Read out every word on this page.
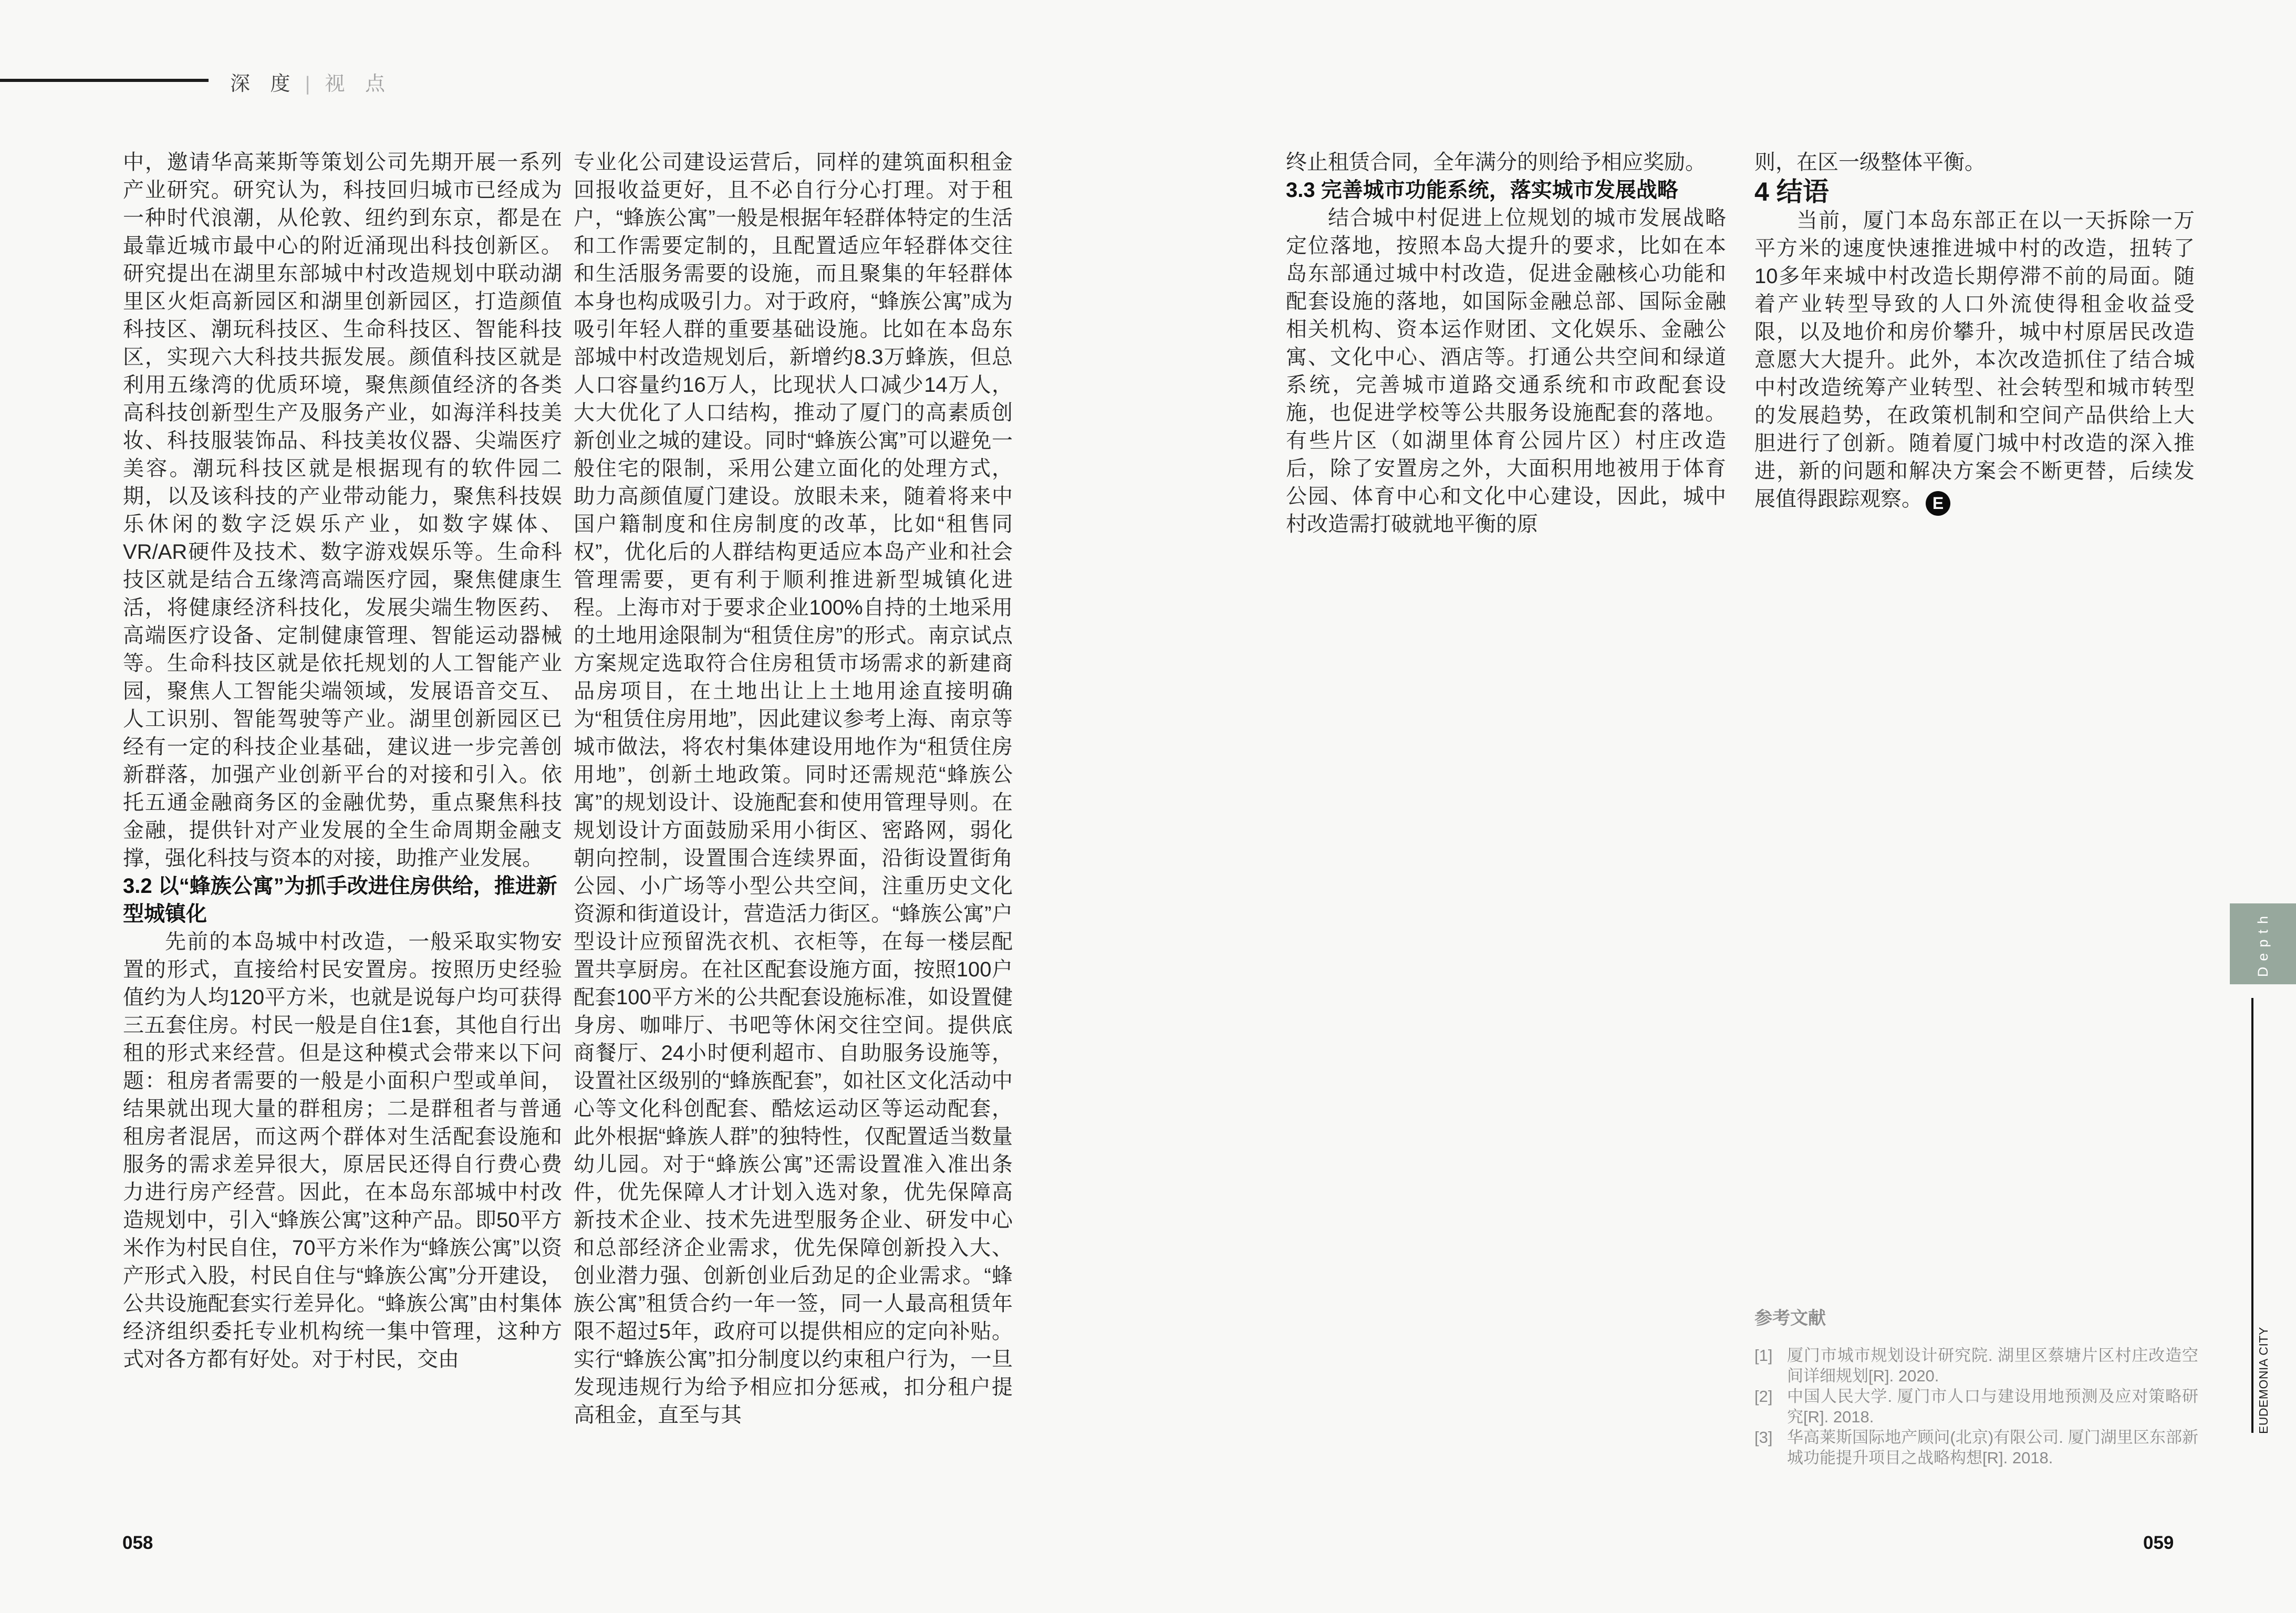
深 度 | 视 点

中，邀请华高莱斯等策划公司先期开展一系列产业研究。研究认为，科技回归城市已经成为一种时代浪潮，从伦敦、纽约到东京，都是在最靠近城市最中心的附近涌现出科技创新区。研究提出在湖里东部城中村改造规划中联动湖里区火炬高新园区和湖里创新园区，打造颜值科技区、潮玩科技区、生命科技区、智能科技区，实现六大科技共振发展。颜值科技区就是利用五缘湾的优质环境，聚焦颜值经济的各类高科技创新型生产及服务产业，如海洋科技美妆、科技服装饰品、科技美妆仪器、尖端医疗美容。潮玩科技区就是根据现有的软件园二期，以及该科技的产业带动能力，聚焦科技娱乐休闲的数字泛娱乐产业，如数字媒体、VR/AR硬件及技术、数字游戏娱乐等。生命科技区就是结合五缘湾高端医疗园，聚焦健康生活，将健康经济科技化，发展尖端生物医药、高端医疗设备、定制健康管理、智能运动器械等。生命科技区就是依托规划的人工智能产业园，聚焦人工智能尖端领域，发展语音交互、人工识别、智能驾驶等产业。湖里创新园区已经有一定的科技企业基础，建议进一步完善创新群落，加强产业创新平台的对接和引入。依托五通金融商务区的金融优势，重点聚焦科技金融，提供针对产业发展的全生命周期金融支撑，强化科技与资本的对接，助推产业发展。

3.2 以“蜂族公寓”为抓手改进住房供给，推进新型城镇化

先前的本岛城中村改造，一般采取实物安置的形式，直接给村民安置房。按照历史经验值约为人均120平方米，也就是说每户均可获得三五套住房。村民一般是自住1套，其他自行出租的形式来经营。但是这种模式会带来以下问题：租房者需要的一般是小面积户型或单间，结果就出现大量的群租房；二是群租者与普通租房者混居，而这两个群体对生活配套设施和服务的需求差异很大，原居民还得自行费心费力进行房产经营。因此，在本岛东部城中村改造规划中，引入“蜂族公寓”这种产品。即50平方米作为村民自住，70平方米作为“蜂族公寓”以资产形式入股，村民自住与“蜂族公寓”分开建设，公共设施配套实行差异化。“蜂族公寓”由村集体经济组织委托专业机构统一集中管理，这种方式对各方都有好处。对于村民，交由

专业化公司建设运营后，同样的建筑面积租金回报收益更好，且不必自行分心打理。对于租户，“蜂族公寓”一般是根据年轻群体特定的生活和工作需要定制的，且配置适应年轻群体交往和生活服务需要的设施，而且聚集的年轻群体本身也构成吸引力。对于政府，“蜂族公寓”成为吸引年轻人群的重要基础设施。比如在本岛东部城中村改造规划后，新增约8.3万蜂族，但总人口容量约16万人，比现状人口减少14万人，大大优化了人口结构，推动了厦门的高素质创新创业之城的建设。同时“蜂族公寓”可以避免一般住宅的限制，采用公建立面化的处理方式，助力高颜值厦门建设。放眼未来，随着将来中国户籍制度和住房制度的改革，比如“租售同权”，优化后的人群结构更适应本岛产业和社会管理需要，更有利于顺利推进新型城镇化进程。上海市对于要求企业100%自持的土地采用的土地用途限制为“租赁住房”的形式。南京试点方案规定选取符合住房租赁市场需求的新建商品房项目，在土地出让上土地用途直接明确为“租赁住房用地”，因此建议参考上海、南京等城市做法，将农村集体建设用地作为“租赁住房用地”，创新土地政策。同时还需规范“蜂族公寓”的规划设计、设施配套和使用管理导则。在规划设计方面鼓励采用小街区、密路网，弱化朝向控制，设置围合连续界面，沿街设置街角公园、小广场等小型公共空间，注重历史文化资源和街道设计，营造活力街区。“蜂族公寓”户型设计应预留洗衣机、衣柜等，在每一楼层配置共享厨房。在社区配套设施方面，按照100户配套100平方米的公共配套设施标准，如设置健身房、咖啡厅、书吧等休闲交往空间。提供底商餐厅、24小时便利超市、自助服务设施等，设置社区级别的“蜂族配套”，如社区文化活动中心等文化科创配套、酷炫运动区等运动配套，此外根据“蜂族人群”的独特性，仅配置适当数量幼儿园。对于“蜂族公寓”还需设置准入准出条件，优先保障人才计划入选对象，优先保障高新技术企业、技术先进型服务企业、研发中心和总部经济企业需求，优先保障创新投入大、创业潜力强、创新创业后劲足的企业需求。“蜂族公寓”租赁合约一年一签，同一人最高租赁年限不超过5年，政府可以提供相应的定向补贴。实行“蜂族公寓”扣分制度以约束租户行为，一旦发现违规行为给予相应扣分惩戒，扣分租户提高租金，直至与其

终止租赁合同，全年满分的则给予相应奖励。

3.3 完善城市功能系统，落实城市发展战略

结合城中村促进上位规划的城市发展战略定位落地，按照本岛大提升的要求，比如在本岛东部通过城中村改造，促进金融核心功能和配套设施的落地，如国际金融总部、国际金融相关机构、资本运作财团、文化娱乐、金融公寓、文化中心、酒店等。打通公共空间和绿道系统，完善城市道路交通系统和市政配套设施，也促进学校等公共服务设施配套的落地。有些片区（如湖里体育公园片区）村庄改造后，除了安置房之外，大面积用地被用于体育公园、体育中心和文化中心建设，因此，城中村改造需打破就地平衡的原

则，在区一级整体平衡。

4 结语

当前，厦门本岛东部正在以一天拆除一万平方米的速度快速推进城中村的改造，扭转了10多年来城中村改造长期停滞不前的局面。随着产业转型导致的人口外流使得租金收益受限，以及地价和房价攀升，城中村原居民改造意愿大大提升。此外，本次改造抓住了结合城中村改造统筹产业转型、社会转型和城市转型的发展趋势，在政策机制和空间产品供给上大胆进行了创新。随着厦门城中村改造的深入推进，新的问题和解决方案会不断更替，后续发展值得跟踪观察。 E

参考文献

[1] 厦门市城市规划设计研究院. 湖里区蔡塘片区村庄改造空间详细规划[R]. 2020.
[2] 中国人民大学. 厦门市人口与建设用地预测及应对策略研究[R]. 2018.
[3] 华高莱斯国际地产顾问(北京)有限公司. 厦门湖里区东部新城功能提升项目之战略构想[R]. 2018.
Depth
EUDEMONIA CITY
058	059
